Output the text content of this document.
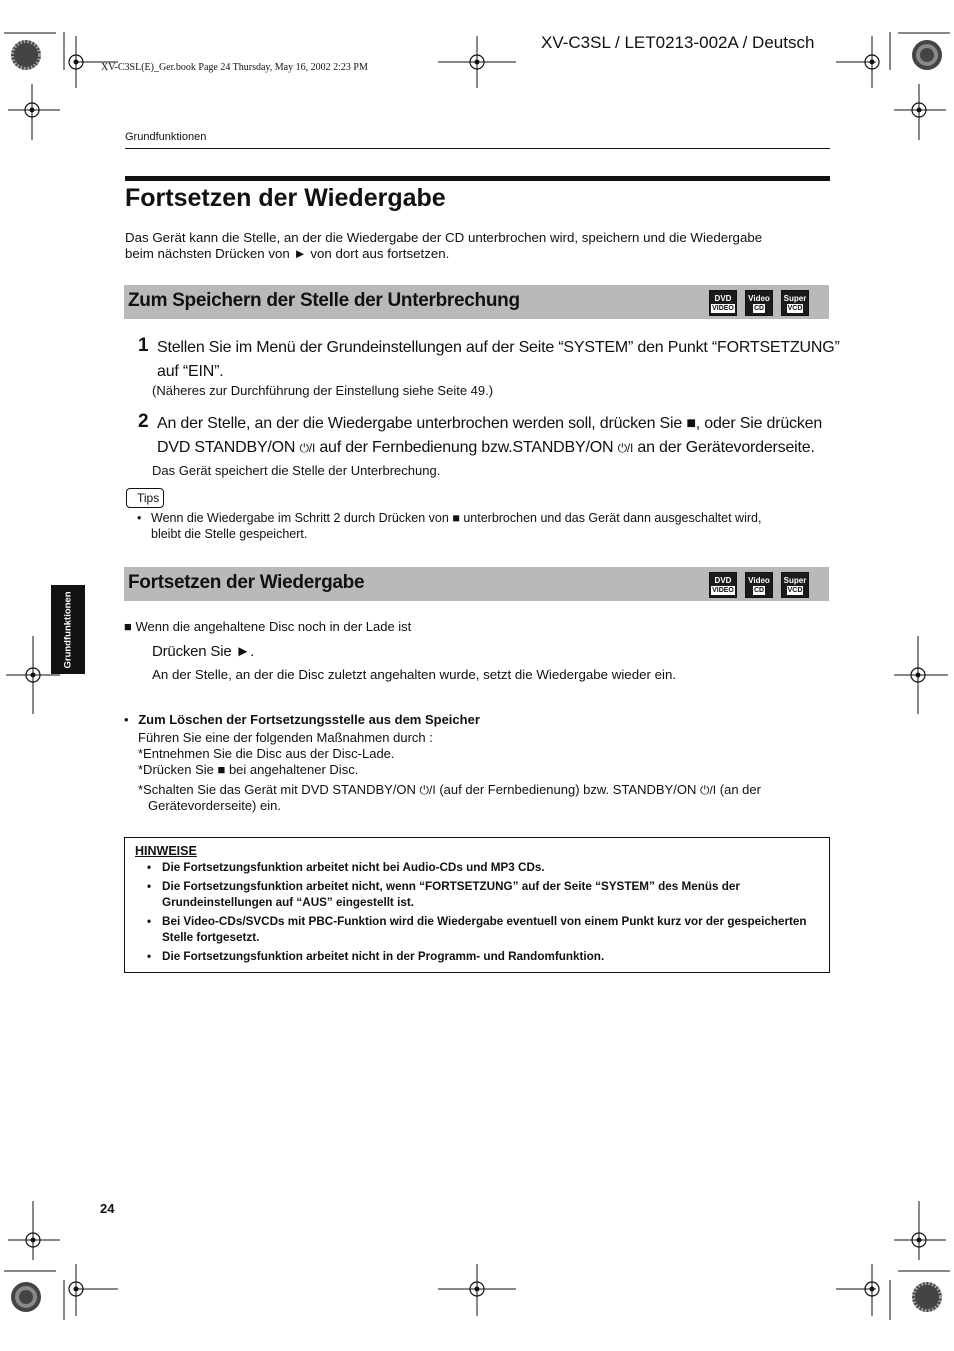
XV-C3SL / LET0213-002A / Deutsch
XV-C3SL(E)_Ger.book Page 24 Thursday, May 16, 2002 2:23 PM
Grundfunktionen
Fortsetzen der Wiedergabe
Das Gerät kann die Stelle, an der die Wiedergabe der CD unterbrochen wird, speichern und die Wiedergabe
beim nächsten Drücken von ► von dort aus fortsetzen.
Zum Speichern der Stelle der Unterbrechung	DVD
VIDEO
Video
CD
Super
VCD
1 Stellen Sie im Menü der Grundeinstellungen auf der Seite “SYSTEM” den Punkt “FORTSETZUNG”
auf “EIN”.
(Näheres zur Durchführung der Einstellung siehe Seite 49.)
2 An der Stelle, an der die Wiedergabe unterbrochen werden soll, drücken Sie ■, oder Sie drücken
DVD STANDBY/ON ⏻/I auf der Fernbedienung bzw.STANDBY/ON ⏻/I an der Gerätevorderseite.
Das Gerät speichert die Stelle der Unterbrechung.
Tips
• Wenn die Wiedergabe im Schritt 2 durch Drücken von ■ unterbrochen und das Gerät dann ausgeschaltet wird,
bleibt die Stelle gespeichert.
Fortsetzen der Wiedergabe	DVD
VIDEO
Video
CD
Super
VCD
■ Wenn die angehaltene Disc noch in der Lade ist
Drücken Sie ►.
An der Stelle, an der die Disc zuletzt angehalten wurde, setzt die Wiedergabe wieder ein.
• Zum Löschen der Fortsetzungsstelle aus dem Speicher
Führen Sie eine der folgenden Maßnahmen durch :
*Entnehmen Sie die Disc aus der Disc-Lade.
*Drücken Sie ■ bei angehaltener Disc.
*Schalten Sie das Gerät mit DVD STANDBY/ON ⏻/I (auf der Fernbedienung) bzw. STANDBY/ON ⏻/I (an der
Gerätevorderseite) ein.
Grundfunktionen
HINWEISE
• Die Fortsetzungsfunktion arbeitet nicht bei Audio-CDs und MP3 CDs.
• Die Fortsetzungsfunktion arbeitet nicht, wenn “FORTSETZUNG” auf der Seite “SYSTEM” des Menüs der Grundeinstellungen auf “AUS” eingestellt ist.
• Bei Video-CDs/SVCDs mit PBC-Funktion wird die Wiedergabe eventuell von einem Punkt kurz vor der gespeicherten Stelle fortgesetzt.
• Die Fortsetzungsfunktion arbeitet nicht in der Programm- und Randomfunktion.
24
